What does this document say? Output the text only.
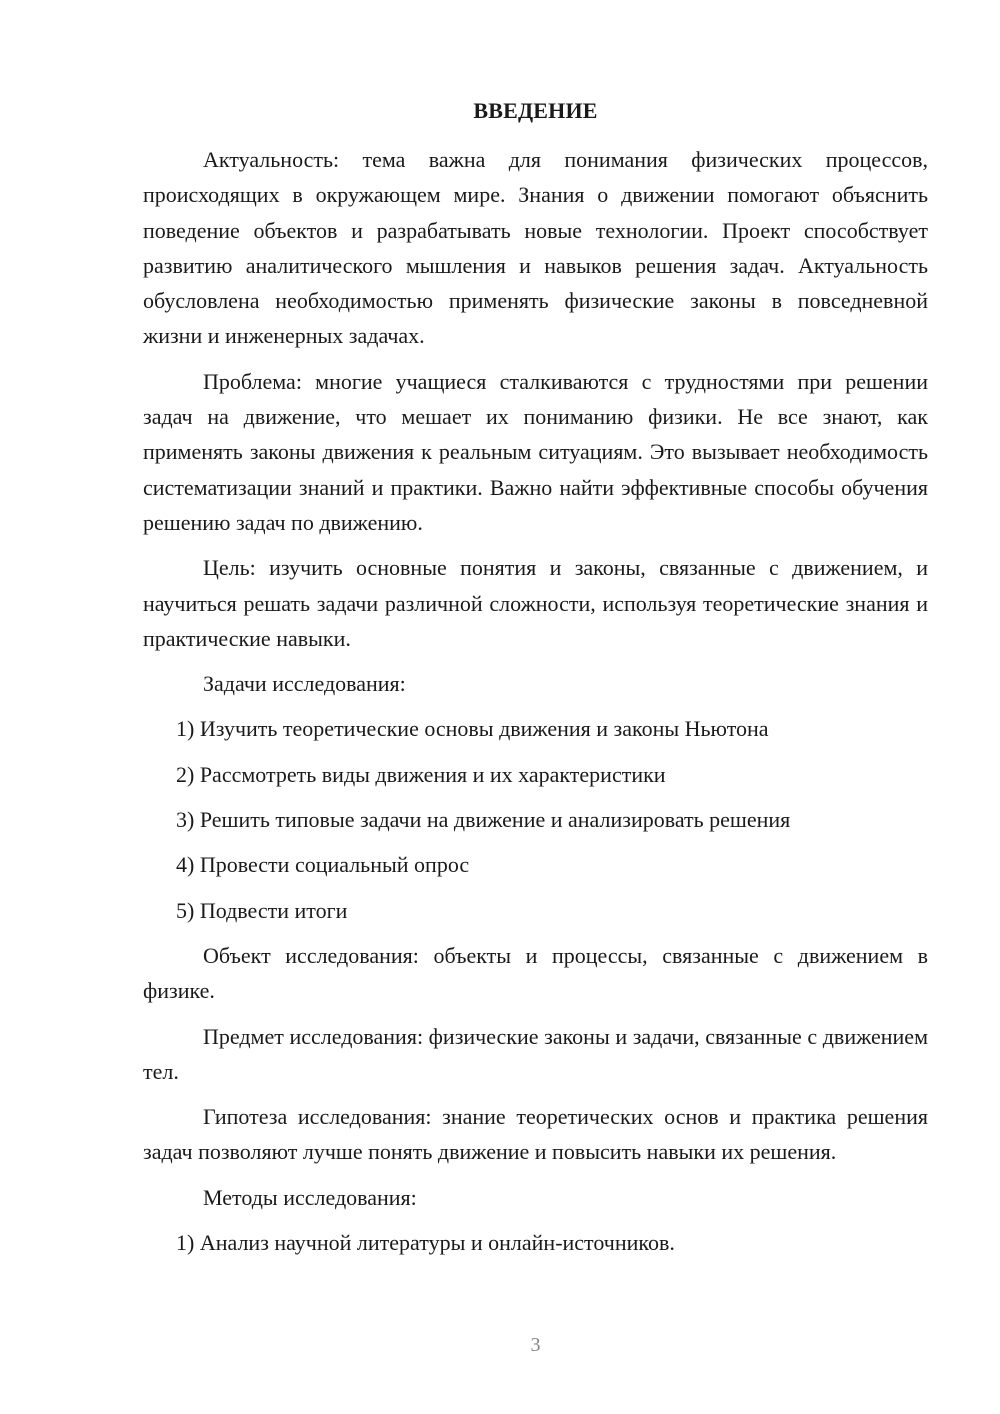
ВВЕДЕНИЕ

Актуальность: тема важна для понимания физических процессов, происходящих в окружающем мире. Знания о движении помогают объяснить поведение объектов и разрабатывать новые технологии. Проект способствует развитию аналитического мышления и навыков решения задач. Актуальность обусловлена необходимостью применять физические законы в повседневной жизни и инженерных задачах.

Проблема: многие учащиеся сталкиваются с трудностями при решении задач на движение, что мешает их пониманию физики. Не все знают, как применять законы движения к реальным ситуациям. Это вызывает необходимость систематизации знаний и практики. Важно найти эффективные способы обучения решению задач по движению.

Цель: изучить основные понятия и законы, связанные с движением, и научиться решать задачи различной сложности, используя теоретические знания и практические навыки.

Задачи исследования:

1) Изучить теоретические основы движения и законы Ньютона

2) Рассмотреть виды движения и их характеристики

3) Решить типовые задачи на движение и анализировать решения

4) Провести социальный опрос

5) Подвести итоги

Объект исследования: объекты и процессы, связанные с движением в физике.

Предмет исследования: физические законы и задачи, связанные с движением тел.

Гипотеза исследования: знание теоретических основ и практика решения задач позволяют лучше понять движение и повысить навыки их решения.

Методы исследования:

1) Анализ научной литературы и онлайн-источников.

3
